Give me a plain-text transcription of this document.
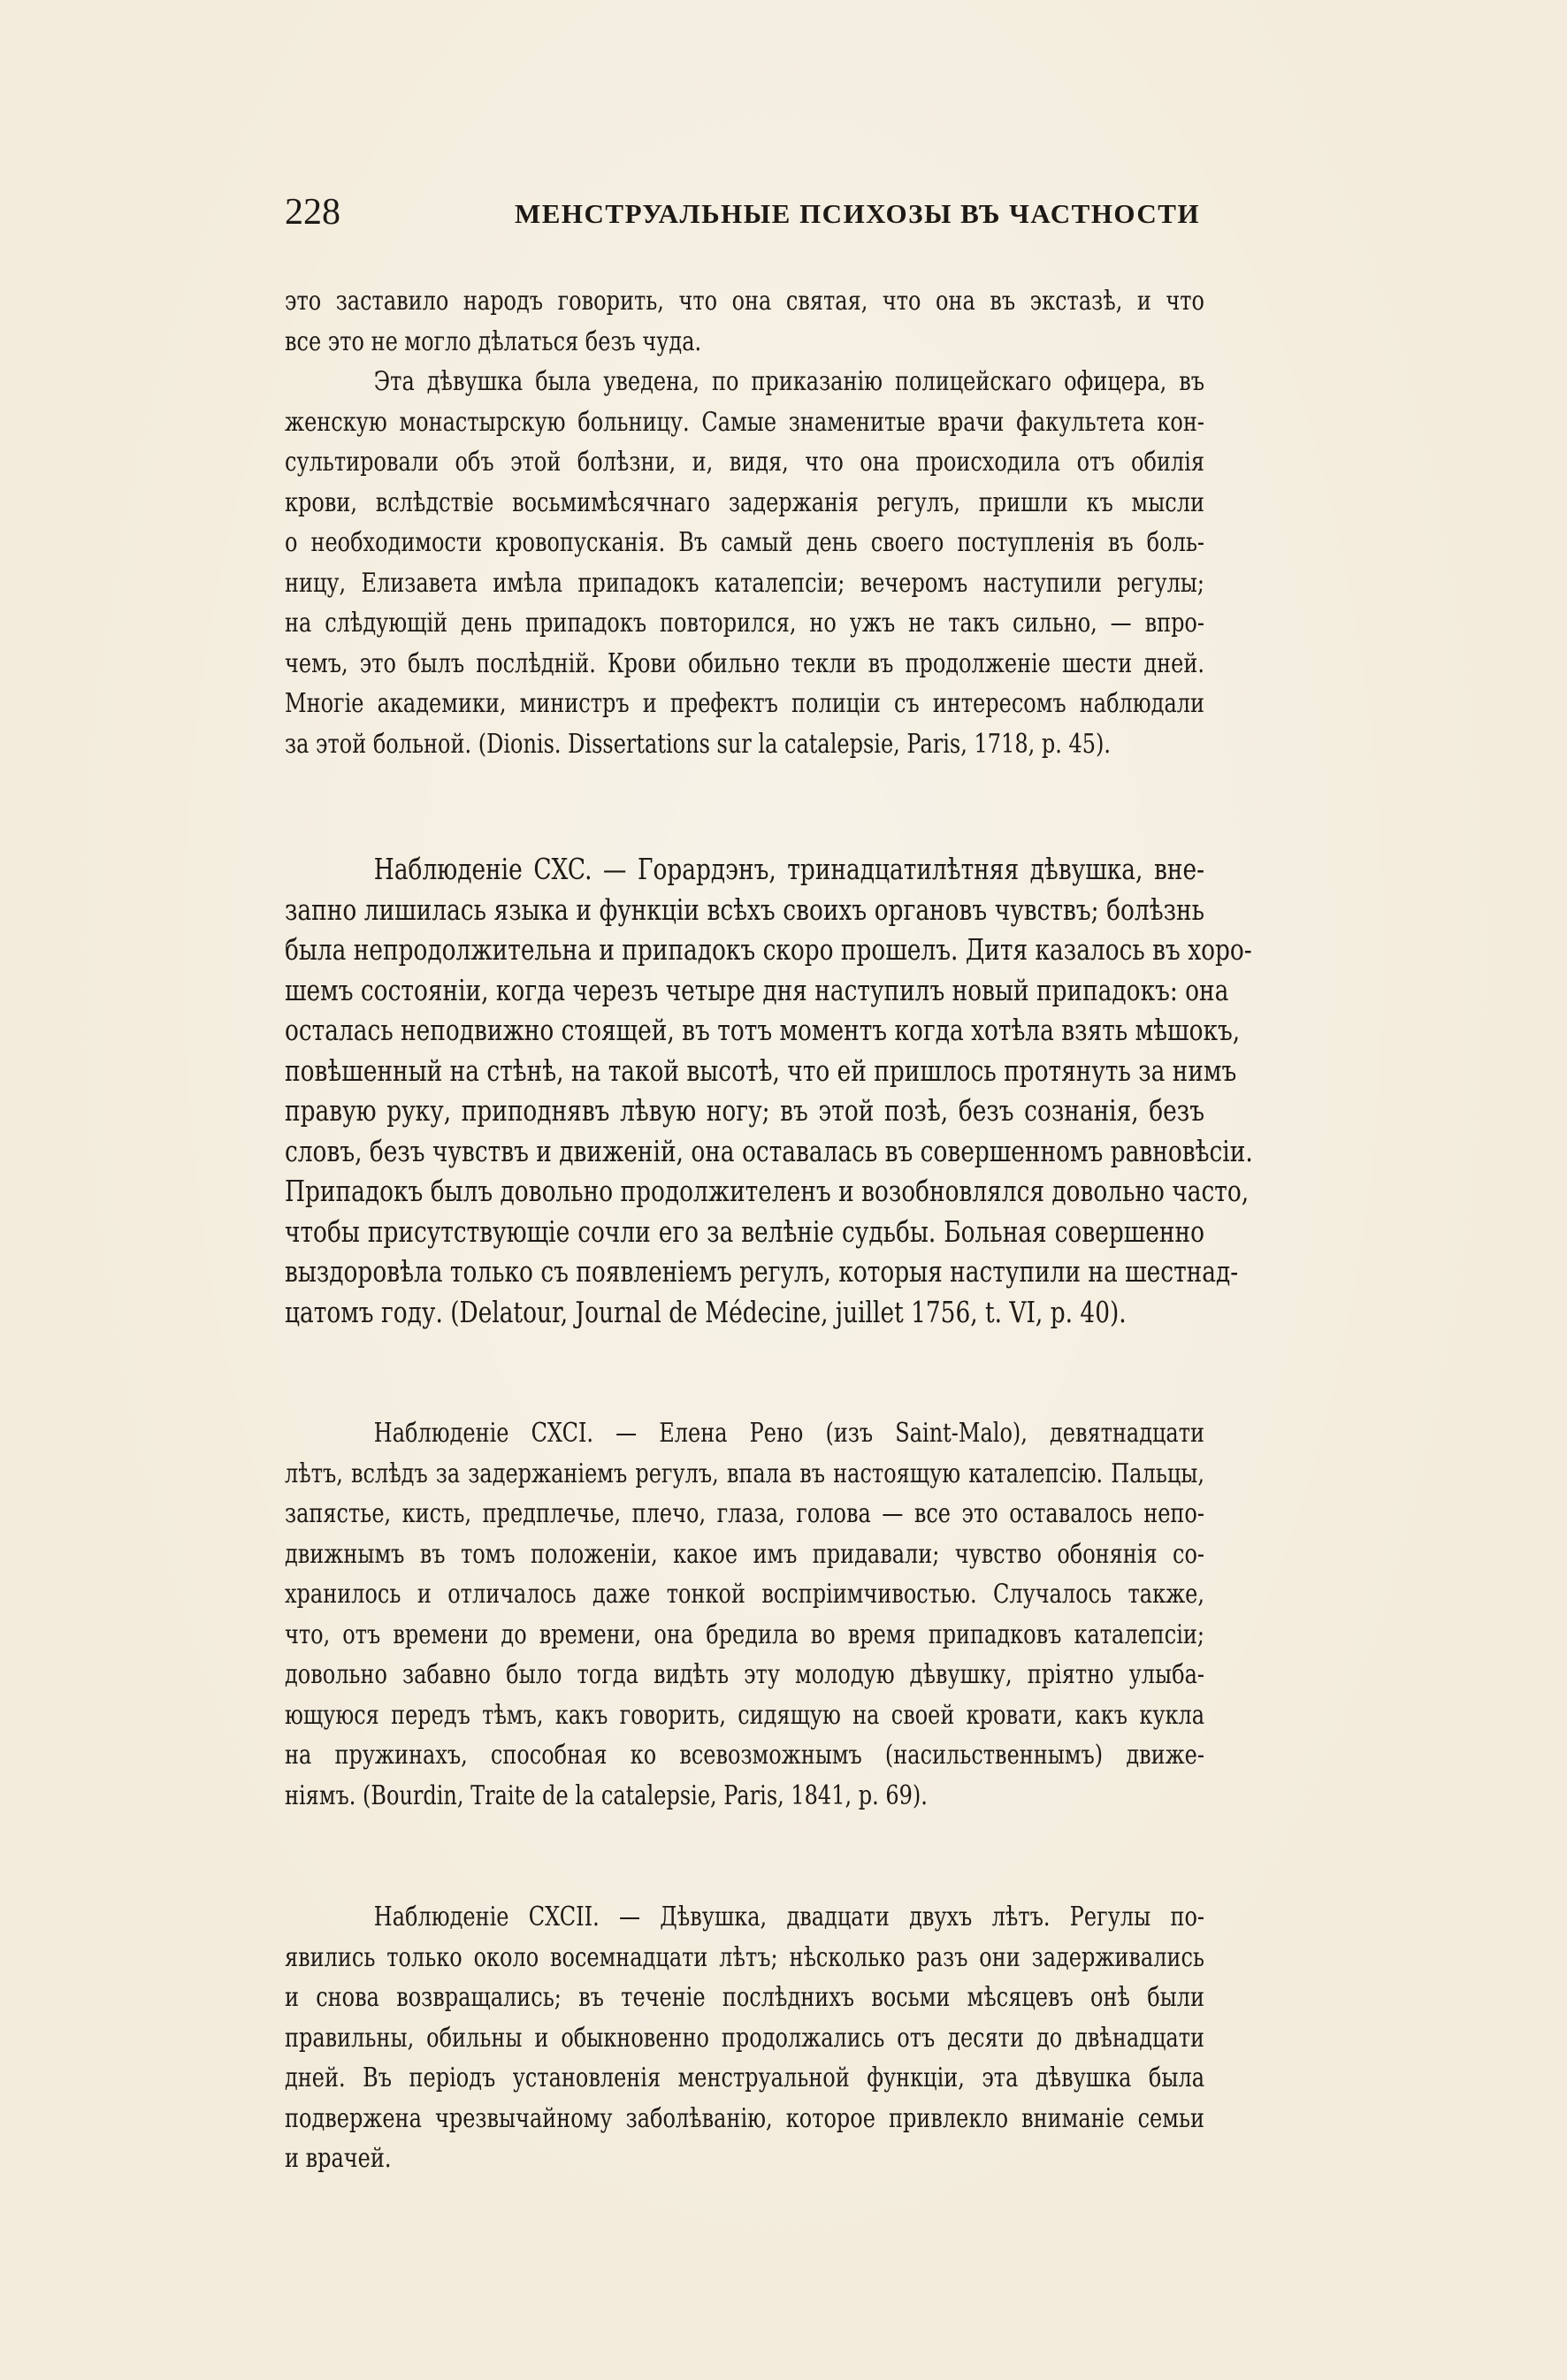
228	МЕНСТРУАЛЬНЫЕ ПСИХОЗЫ ВЪ ЧАСТНОСТИ
это заставило народъ говорить, что она святая, что она въ экстазѣ, и что
все это не могло дѣлаться безъ чуда.
Эта дѣвушка была уведена, по приказанію полицейскаго офицера, въ
женскую монастырскую больницу. Самые знаменитые врачи факультета кон-
сультировали объ этой болѣзни, и, видя, что она происходила отъ обилія
крови, вслѣдствіе восьмимѣсячнаго задержанія регулъ, пришли къ мысли
о необходимости кровопусканія. Въ самый день своего поступленія въ боль-
ницу, Елизавета имѣла припадокъ каталепсіи; вечеромъ наступили регулы;
на слѣдующій день припадокъ повторился, но ужъ не такъ сильно, — впро-
чемъ, это былъ послѣдній. Крови обильно текли въ продолженіе шести дней.
Многіе академики, министръ и префектъ полиціи съ интересомъ наблюдали
за этой больной. (Dionis. Dissertations sur la catalepsie, Paris, 1718, p. 45).
Наблюденіе CXC. — Горардэнъ, тринадцатилѣтняя дѣвушка, вне-
запно лишилась языка и функціи всѣхъ своихъ органовъ чувствъ; болѣзнь
была непродолжительна и припадокъ скоро прошелъ. Дитя казалось въ хоро-
шемъ состояніи, когда черезъ четыре дня наступилъ новый припадокъ: она
осталась неподвижно стоящей, въ тотъ моментъ когда хотѣла взять мѣшокъ,
повѣшенный на стѣнѣ, на такой высотѣ, что ей пришлось протянуть за нимъ
правую руку, приподнявъ лѣвую ногу; въ этой позѣ, безъ сознанія, безъ
словъ, безъ чувствъ и движеній, она оставалась въ совершенномъ равновѣсіи.
Припадокъ былъ довольно продолжителенъ и возобновлялся довольно часто,
чтобы присутствующіе сочли его за велѣніе судьбы. Больная совершенно
выздоровѣла только съ появленіемъ регулъ, которыя наступили на шестнад-
цатомъ году. (Delatour, Journal de Médecine, juillet 1756, t. VI, p. 40).
Наблюденіе CXCI. — Елена Рено (изъ Saint-Malo), девятнадцати
лѣтъ, вслѣдъ за задержаніемъ регулъ, впала въ настоящую каталепсію. Пальцы,
запястье, кисть, предплечье, плечо, глаза, голова — все это оставалось непо-
движнымъ въ томъ положеніи, какое имъ придавали; чувство обонянія со-
хранилось и отличалось даже тонкой воспріимчивостью. Случалось также,
что, отъ времени до времени, она бредила во время припадковъ каталепсіи;
довольно забавно было тогда видѣть эту молодую дѣвушку, пріятно улыба-
ющуюся передъ тѣмъ, какъ говорить, сидящую на своей кровати, какъ кукла
на пружинахъ, способная ко всевозможнымъ (насильственнымъ) движе-
ніямъ. (Bourdin, Traite de la catalepsie, Paris, 1841, p. 69).
Наблюденіе CXCII. — Дѣвушка, двадцати двухъ лѣтъ. Регулы по-
явились только около восемнадцати лѣтъ; нѣсколько разъ они задерживались
и снова возвращались; въ теченіе послѣднихъ восьми мѣсяцевъ онѣ были
правильны, обильны и обыкновенно продолжались отъ десяти до двѣнадцати
дней. Въ періодъ установленія менструальной функціи, эта дѣвушка была
подвержена чрезвычайному заболѣванію, которое привлекло вниманіе семьи
и врачей.
